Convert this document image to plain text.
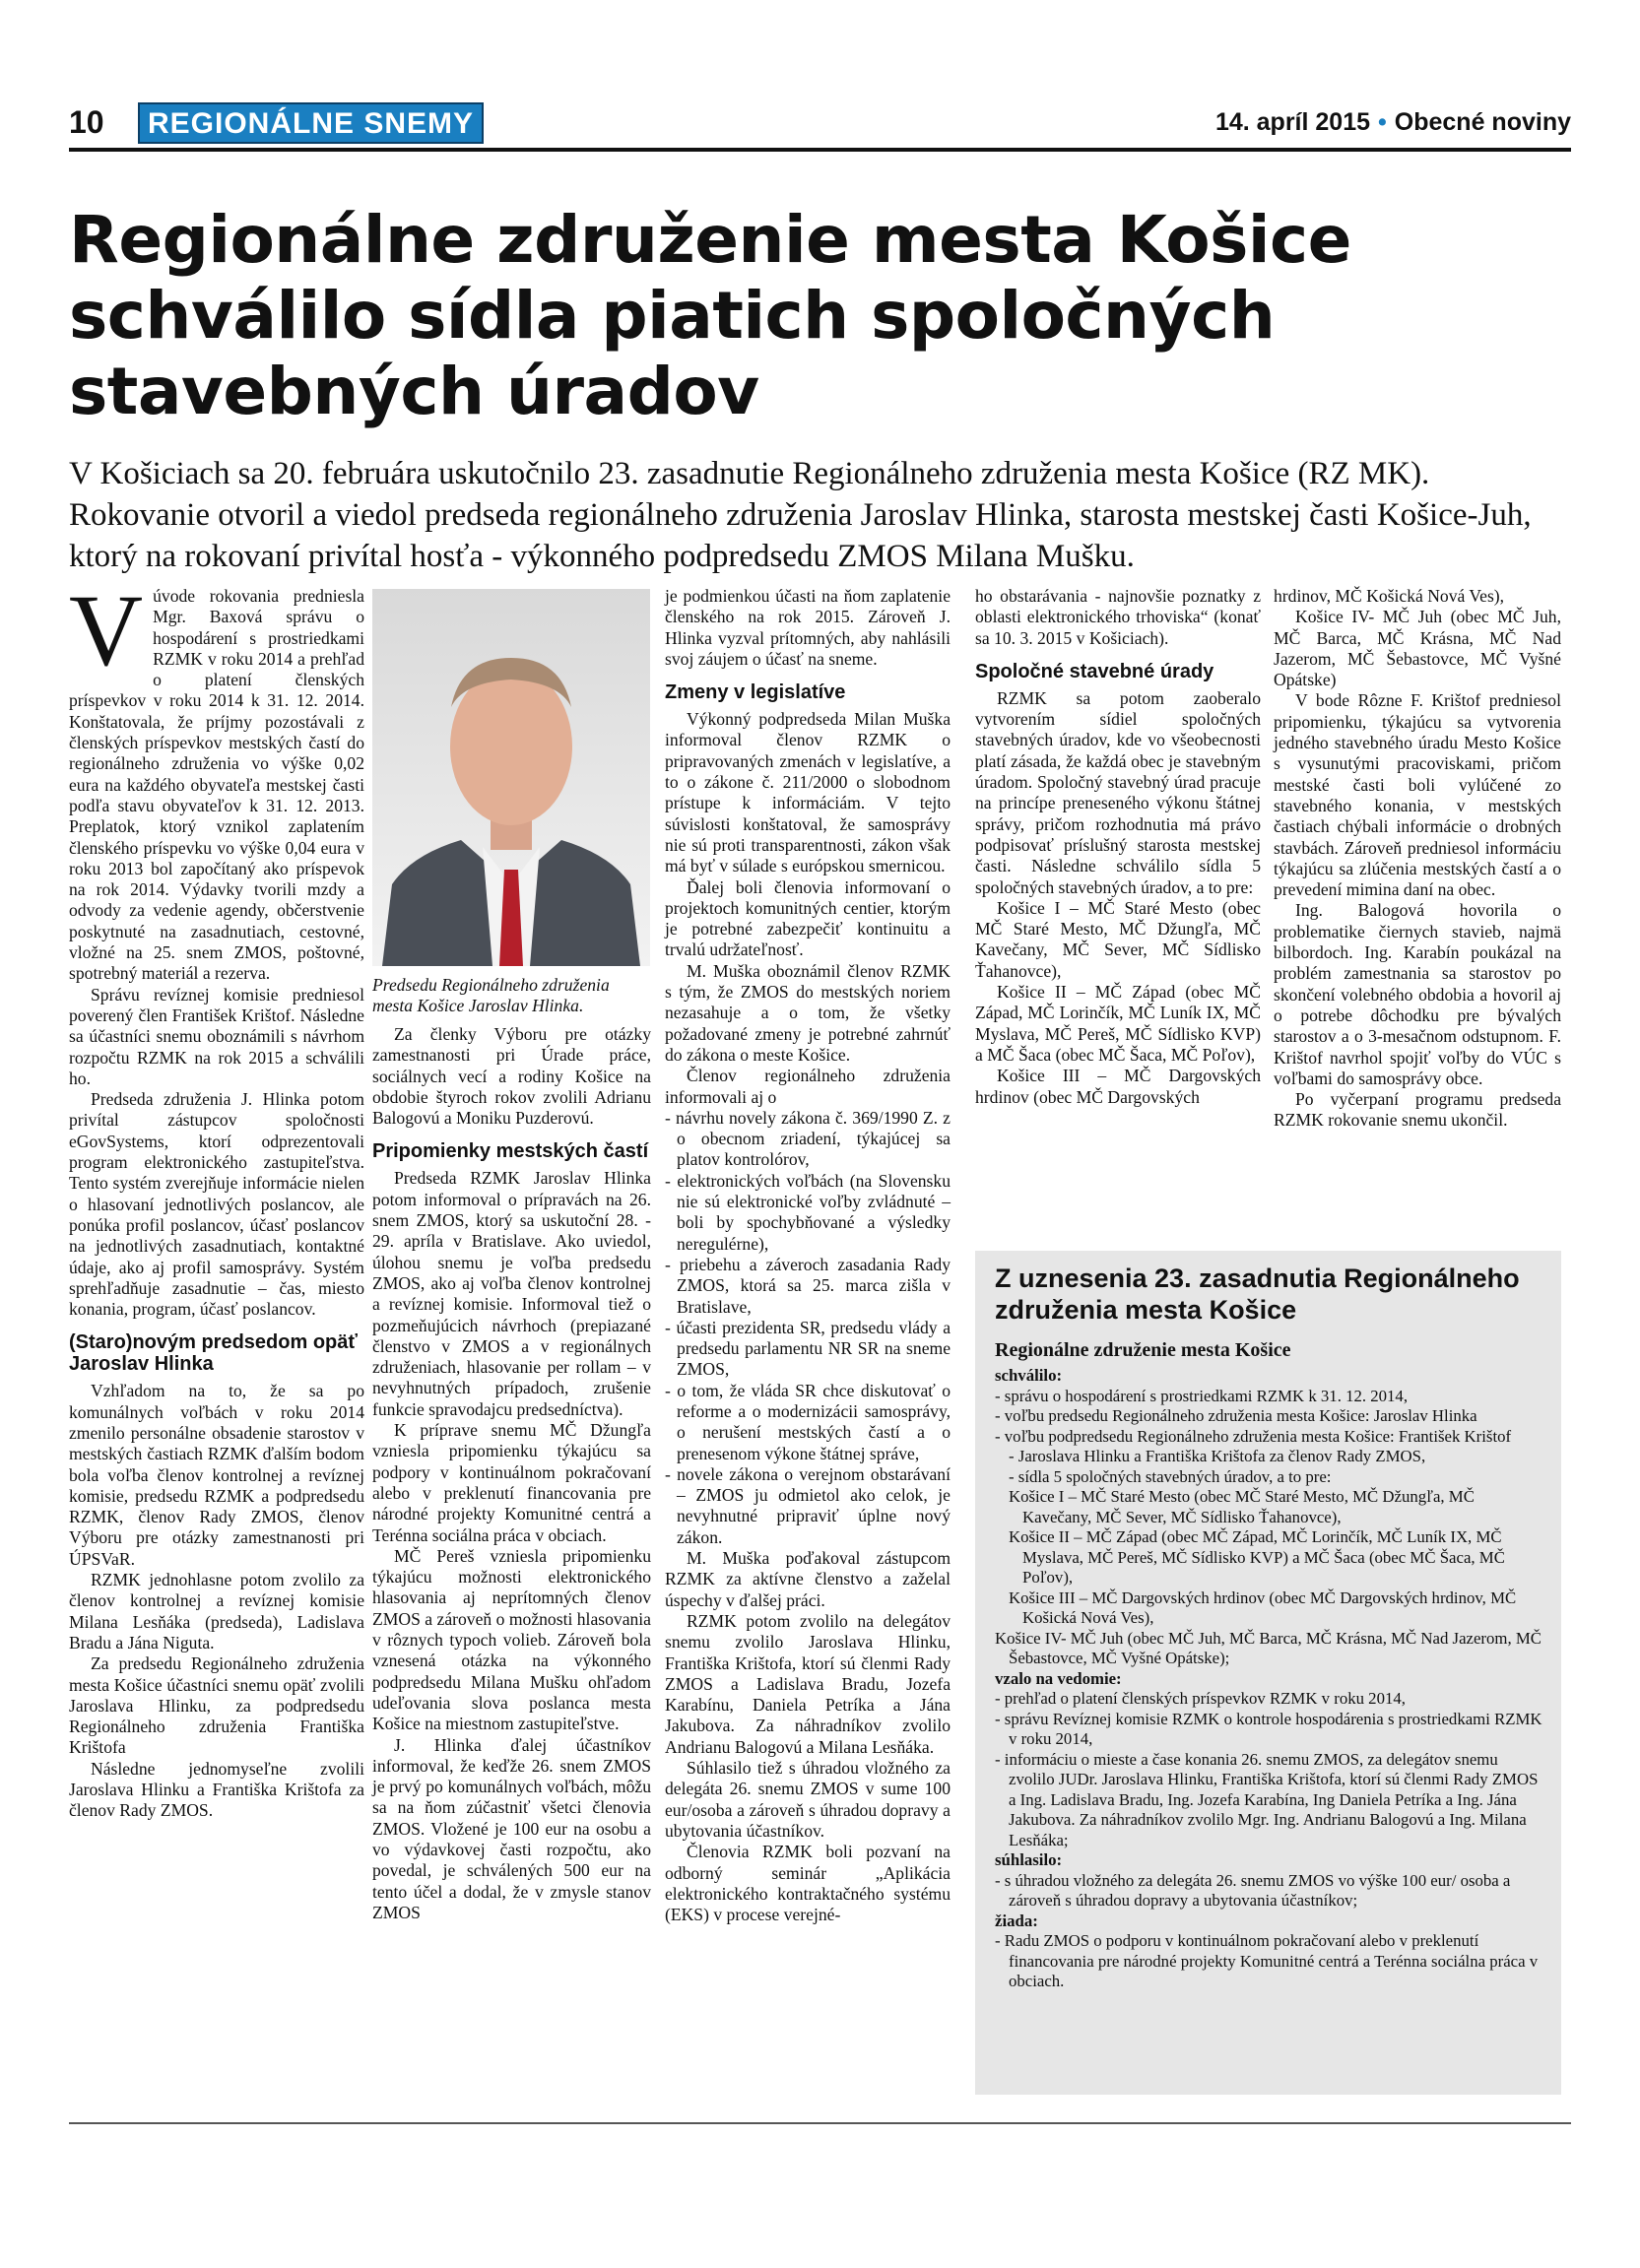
10	REGIONÁLNE SNEMY	14. apríl 2015 • Obecné noviny
Regionálne združenie mesta Košice schválilo sídla piatich spoločných stavebných úradov

V Košiciach sa 20. februára uskutočnilo 23. zasadnutie Regionálneho združenia mesta Košice (RZ MK). Rokovanie otvoril a viedol predseda regionálneho združenia Jaroslav Hlinka, starosta mestskej časti Košice-Juh, ktorý na rokovaní privítal hosťa - výkonného podpredsedu ZMOS Milana Mušku.

V úvode rokovania predniesla Mgr. Baxová správu o hospodárení s prostriedkami RZMK v roku 2014 a prehľad o platení členských príspevkov v roku 2014 k 31. 12. 2014. Konštatovala, že príjmy pozostávali z členských príspevkov mestských častí do regionálneho združenia vo výške 0,02 eura na každého obyvateľa mestskej časti podľa stavu obyvateľov k 31. 12. 2013. Preplatok, ktorý vznikol zaplatením členského príspevku vo výške 0,04 eura v roku 2013 bol započítaný ako príspevok na rok 2014. Výdavky tvorili mzdy a odvody za vedenie agendy, občerstvenie poskytnuté na zasadnutiach, cestovné, vložné na 25. snem ZMOS, poštovné, spotrebný materiál a rezerva.

Správu revíznej komisie predniesol poverený člen František Krištof. Následne sa účastníci snemu oboznámili s návrhom rozpočtu RZMK na rok 2015 a schválili ho.

Predseda združenia J. Hlinka potom privítal zástupcov spoločnosti eGovSystems, ktorí odprezentovali program elektronického zastupiteľstva. Tento systém zverejňuje informácie nielen o hlasovaní jednotlivých poslancov, ale ponúka profil poslancov, účasť poslancov na jednotlivých zasadnutiach, kontaktné údaje, ako aj profil samosprávy. Systém sprehľadňuje zasadnutie – čas, miesto konania, program, účasť poslancov.

(Staro)novým predsedom opäť Jaroslav Hlinka

Vzhľadom na to, že sa po komunálnych voľbách v roku 2014 zmenilo personálne obsadenie starostov v mestských častiach RZMK ďalším bodom bola voľba členov kontrolnej a revíznej komisie, predsedu RZMK a podpredsedu RZMK, členov Rady ZMOS, členov Výboru pre otázky zamestnanosti pri ÚPSVaR.

RZMK jednohlasne potom zvolilo za členov kontrolnej a revíznej komisie Milana Lesňáka (predseda), Ladislava Bradu a Jána Niguta.

Za predsedu Regionálneho združenia mesta Košice účastníci snemu opäť zvolili Jaroslava Hlinku, za podpredsedu Regionálneho združenia Františka Krištofa

Následne jednomyseľne zvolili Jaroslava Hlinku a Františka Krištofa za členov Rady ZMOS.

Predsedu Regionálneho združenia mesta Košice Jaroslav Hlinka.

Za členky Výboru pre otázky zamestnanosti pri Úrade práce, sociálnych vecí a rodiny Košice na obdobie štyroch rokov zvolili Adrianu Balogovú a Moniku Puzderovú.

Pripomienky mestských častí

Predseda RZMK Jaroslav Hlinka potom informoval o prípravách na 26. snem ZMOS, ktorý sa uskutoční 28. - 29. apríla v Bratislave. Ako uviedol, úlohou snemu je voľba predsedu ZMOS, ako aj voľba členov kontrolnej a revíznej komisie. Informoval tiež o pozmeňujúcich návrhoch (prepiazané členstvo v ZMOS a v regionálnych združeniach, hlasovanie per rollam – v nevyhnutných prípadoch, zrušenie funkcie spravodajcu predsedníctva).

K príprave snemu MČ Džungľa vzniesla pripomienku týkajúcu sa podpory v kontinuálnom pokračovaní alebo v preklenutí financovania pre národné projekty Komunitné centrá a Terénna sociálna práca v obciach.

MČ Pereš vzniesla pripomienku týkajúcu možnosti elektronického hlasovania aj neprítomných členov ZMOS a zároveň o možnosti hlasovania v rôznych typoch volieb. Zároveň bola vznesená otázka na výkonného podpredsedu Milana Mušku ohľadom udeľovania slova poslanca mesta Košice na miestnom zastupiteľstve.

J. Hlinka ďalej účastníkov informoval, že keďže 26. snem ZMOS je prvý po komunálnych voľbách, môžu sa na ňom zúčastniť všetci členovia ZMOS. Vložené je 100 eur na osobu a vo výdavkovej časti rozpočtu, ako povedal, je schválených 500 eur na tento účel a dodal, že v zmysle stanov ZMOS

je podmienkou účasti na ňom zaplatenie členského na rok 2015. Zároveň J. Hlinka vyzval prítomných, aby nahlásili svoj záujem o účasť na sneme.

Zmeny v legislatíve

Výkonný podpredseda Milan Muška informoval členov RZMK o pripravovaných zmenách v legislatíve, a to o zákone č. 211/2000 o slobodnom prístupe k informáciám. V tejto súvislosti konštatoval, že samosprávy nie sú proti transparentnosti, zákon však má byť v súlade s európskou smernicou.

Ďalej boli členovia informovaní o projektoch komunitných centier, ktorým je potrebné zabezpečiť kontinuitu a trvalú udržateľnosť.

M. Muška oboznámil členov RZMK s tým, že ZMOS do mestských noriem nezasahuje a o tom, že všetky požadované zmeny je potrebné zahrnúť do zákona o meste Košice.

Členov regionálneho združenia informovali aj o

- návrhu novely zákona č. 369/1990 Z. z o obecnom zriadení, týkajúcej sa platov kontrolórov,
- elektronických voľbách (na Slovensku nie sú elektronické voľby zvládnuté – boli by spochybňované a výsledky neregulérne),
- priebehu a záveroch zasadania Rady ZMOS, ktorá sa 25. marca zišla v Bratislave,
- účasti prezidenta SR, predsedu vlády a predsedu parlamentu NR SR na sneme ZMOS,
- o tom, že vláda SR chce diskutovať o reforme a o modernizácii samosprávy, o nerušení mestských častí a o prenesenom výkone štátnej správe,
- novele zákona o verejnom obstarávaní – ZMOS ju odmietol ako celok, je nevyhnutné pripraviť úplne nový zákon.

M. Muška poďakoval zástupcom RZMK za aktívne členstvo a zaželal úspechy v ďalšej práci.

RZMK potom zvolilo na delegátov snemu zvolilo Jaroslava Hlinku, Františka Krištofa, ktorí sú členmi Rady ZMOS a Ladislava Bradu, Jozefa Karabínu, Daniela Petríka a Jána Jakubova. Za náhradníkov zvolilo Andrianu Balogovú a Milana Lesňáka.

Súhlasilo tiež s úhradou vložného za delegáta 26. snemu ZMOS v sume 100 eur/osoba a zároveň s úhradou dopravy a ubytovania účastníkov.

Členovia RZMK boli pozvaní na odborný seminár „Aplikácia elektronického kontraktačného systému (EKS) v procese verejné-

ho obstarávania - najnovšie poznatky z oblasti elektronického trhoviska“ (konať sa 10. 3. 2015 v Košiciach).

Spoločné stavebné úrady

RZMK sa potom zaoberalo vytvorením sídiel spoločných stavebných úradov, kde vo všeobecnosti platí zásada, že každá obec je stavebným úradom. Spoločný stavebný úrad pracuje na princípe preneseného výkonu štátnej správy, pričom rozhodnutia má právo podpisovať príslušný starosta mestskej časti. Následne schválilo sídla 5 spoločných stavebných úradov, a to pre:

Košice I – MČ Staré Mesto (obec MČ Staré Mesto, MČ Džungľa, MČ Kavečany, MČ Sever, MČ Sídlisko Ťahanovce),

Košice II – MČ Západ (obec MČ Západ, MČ Lorinčík, MČ Luník IX, MČ Myslava, MČ Pereš, MČ Sídlisko KVP) a MČ Šaca (obec MČ Šaca, MČ Poľov),

Košice III – MČ Dargovských hrdinov (obec MČ Dargovských

hrdinov, MČ Košická Nová Ves),

Košice IV- MČ Juh (obec MČ Juh, MČ Barca, MČ Krásna, MČ Nad Jazerom, MČ Šebastovce, MČ Vyšné Opátske)

V bode Rôzne F. Krištof predniesol pripomienku, týkajúcu sa vytvorenia jedného stavebného úradu Mesto Košice s vysunutými pracoviskami, pričom mestské časti boli vylúčené zo stavebného konania, v mestských častiach chýbali informácie o drobných stavbách. Zároveň predniesol informáciu týkajúcu sa zlúčenia mestských častí a o prevedení mimina daní na obec.

Ing. Balogová hovorila o problematike čiernych stavieb, najmä bilbordoch. Ing. Karabín poukázal na problém zamestnania sa starostov po skončení volebného obdobia a hovoril aj o potrebe dôchodku pre bývalých starostov a o 3-mesačnom odstupnom. F. Krištof navrhol spojiť voľby do VÚC s voľbami do samosprávy obce.

Po vyčerpaní programu predseda RZMK rokovanie snemu ukončil.

Z uznesenia 23. zasadnutia Regionálneho združenia mesta Košice
Regionálne združenie mesta Košice
schválilo:
- správu o hospodárení s prostriedkami RZMK k 31. 12. 2014,
- voľbu predsedu Regionálneho združenia mesta Košice: Jaroslav Hlinka
- voľbu podpredsedu Regionálneho združenia mesta Košice: František Krištof
- Jaroslava Hlinku a Františka Krištofa za členov Rady ZMOS,
- sídla 5 spoločných stavebných úradov, a to pre:
Košice I – MČ Staré Mesto (obec MČ Staré Mesto, MČ Džungľa, MČ Kavečany, MČ Sever, MČ Sídlisko Ťahanovce),
Košice II – MČ Západ (obec MČ Západ, MČ Lorinčík, MČ Luník IX, MČ Myslava, MČ Pereš, MČ Sídlisko KVP) a MČ Šaca (obec MČ Šaca, MČ Poľov),
Košice III – MČ Dargovských hrdinov (obec MČ Dargovských hrdinov, MČ Košická Nová Ves),
Košice IV- MČ Juh (obec MČ Juh, MČ Barca, MČ Krásna, MČ Nad Jazerom, MČ Šebastovce, MČ Vyšné Opátske);
vzalo na vedomie:
- prehľad o platení členských príspevkov RZMK v roku 2014,
- správu Revíznej komisie RZMK o kontrole hospodárenia s prostriedkami RZMK v roku 2014,
- informáciu o mieste a čase konania 26. snemu ZMOS, za delegátov snemu zvolilo JUDr. Jaroslava Hlinku, Františka Krištofa, ktorí sú členmi Rady ZMOS a Ing. Ladislava Bradu, Ing. Jozefa Karabína, Ing Daniela Petríka a Ing. Jána Jakubova. Za náhradníkov zvolilo Mgr. Ing. Andrianu Balogovú a Ing. Milana Lesňáka;
súhlasilo:
- s úhradou vložného za delegáta 26. snemu ZMOS vo výške 100 eur/ osoba a zároveň s úhradou dopravy a ubytovania účastníkov;
žiada:
- Radu ZMOS o podporu v kontinuálnom pokračovaní alebo v preklenutí financovania pre národné projekty Komunitné centrá a Terénna sociálna práca v obciach.
